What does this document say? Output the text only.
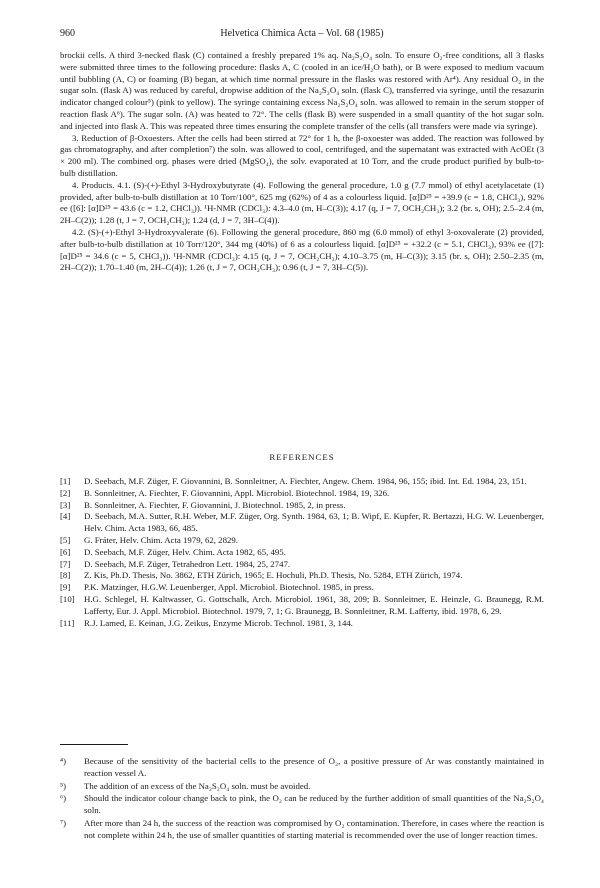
960	Helvetica Chimica Acta – Vol. 68 (1985)

brockii cells. A third 3-necked flask (C) contained a freshly prepared 1% aq. Na₂S₂O₄ soln. To ensure O₂-free conditions, all 3 flasks were submitted three times to the following procedure: flasks A, C (cooled in an ice/H₂O bath), or B were exposed to medium vacuum until bubbling (A, C) or foaming (B) began, at which time normal pressure in the flasks was restored with Ar⁴). Any residual O₂ in the sugar soln. (flask A) was reduced by careful, dropwise addition of the Na₂S₂O₄ soln. (flask C), transferred via syringe, until the resazurin indicator changed colour⁵) (pink to yellow). The syringe containing excess Na₂S₂O₄ soln. was allowed to remain in the serum stopper of reaction flask A⁶). The sugar soln. (A) was heated to 72°. The cells (flask B) were suspended in a small quantity of the hot sugar soln. and injected into flask A. This was repeated three times ensuring the complete transfer of the cells (all transfers were made via syringe).

3. Reduction of β-Oxoesters. After the cells had been stirred at 72° for 1 h, the β-oxoester was added. The reaction was followed by gas chromatography, and after completion⁷) the soln. was allowed to cool, centrifuged, and the supernatant was extracted with AcOEt (3 × 200 ml). The combined org. phases were dried (MgSO₄), the solv. evaporated at 10 Torr, and the crude product purified by bulb-to-bulb distillation.

4. Products. 4.1. (S)-(+)-Ethyl 3-Hydroxybutyrate (4). Following the general procedure, 1.0 g (7.7 mmol) of ethyl acetylacetate (1) provided, after bulb-to-bulb distillation at 10 Torr/100°, 625 mg (62%) of 4 as a colourless liquid. [α]D²⁵ = +39.9 (c = 1.8, CHCl₃), 92% ee ([6]: [α]D²⁵ = 43.6 (c = 1.2, CHCl₃)). ¹H-NMR (CDCl₃): 4.3–4.0 (m, H–C(3)); 4.17 (q, J = 7, OCH₂CH₃); 3.2 (br. s, OH); 2.5–2.4 (m, 2H–C(2)); 1.28 (t, J = 7, OCH₂CH₃); 1.24 (d, J = 7, 3H–C(4)).

4.2. (S)-(+)-Ethyl 3-Hydroxyvalerate (6). Following the general procedure, 860 mg (6.0 mmol) of ethyl 3-oxovalerate (2) provided, after bulb-to-bulb distillation at 10 Torr/120°, 344 mg (40%) of 6 as a colourless liquid. [α]D²⁵ = +32.2 (c = 5.1, CHCl₃), 93% ee ([7]: [α]D²⁵ = 34.6 (c = 5, CHCl₃)). ¹H-NMR (CDCl₃): 4.15 (q, J = 7, OCH₂CH₃); 4.10–3.75 (m, H–C(3)); 3.15 (br. s, OH); 2.50–2.35 (m, 2H–C(2)); 1.70–1.40 (m, 2H–C(4)); 1.26 (t, J = 7, OCH₂CH₃); 0.96 (t, J = 7, 3H–C(5)).

REFERENCES
[1]	D. Seebach, M.F. Züger, F. Giovannini, B. Sonnleitner, A. Fiechter, Angew. Chem. 1984, 96, 155; ibid. Int. Ed. 1984, 23, 151.
[2]	B. Sonnleitner, A. Fiechter, F. Giovannini, Appl. Microbiol. Biotechnol. 1984, 19, 326.
[3]	B. Sonnleitner, A. Fiechter, F. Giovannini, J. Biotechnol. 1985, 2, in press.
[4]	D. Seebach, M.A. Sutter, R.H. Weber, M.F. Züger, Org. Synth. 1984, 63, 1; B. Wipf, E. Kupfer, R. Bertazzi, H.G. W. Leuenberger, Helv. Chim. Acta 1983, 66, 485.
[5]	G. Fráter, Helv. Chim. Acta 1979, 62, 2829.
[6]	D. Seebach, M.F. Züger, Helv. Chim. Acta 1982, 65, 495.
[7]	D. Seebach, M.F. Züger, Tetrahedron Lett. 1984, 25, 2747.
[8]	Z. Kis, Ph.D. Thesis, No. 3862, ETH Zürich, 1965; E. Hochuli, Ph.D. Thesis, No. 5284, ETH Zürich, 1974.
[9]	P.K. Matzinger, H.G.W. Leuenberger, Appl. Microbiol. Biotechnol. 1985, in press.
[10]	H.G. Schlegel, H. Kaltwasser, G. Gottschalk, Arch. Microbiol. 1961, 38, 209; B. Sonnleitner, E. Heinzle, G. Braunegg, R.M. Lafferty, Eur. J. Appl. Microbiol. Biotechnol. 1979, 7, 1; G. Braunegg, B. Sonnleitner, R.M. Lafferty, ibid. 1978, 6, 29.
[11]	R.J. Lamed, E. Keinan, J.G. Zeikus, Enzyme Microb. Technol. 1981, 3, 144.
⁴)	Because of the sensitivity of the bacterial cells to the presence of O₂, a positive pressure of Ar was constantly maintained in reaction vessel A.
⁵)	The addition of an excess of the Na₂S₂O₄ soln. must be avoided.
⁶)	Should the indicator colour change back to pink, the O₂ can be reduced by the further addition of small quantities of the Na₂S₂O₄ soln.
⁷)	After more than 24 h, the success of the reaction was compromised by O₂ contamination. Therefore, in cases where the reaction is not complete within 24 h, the use of smaller quantities of starting material is recommended over the use of longer reaction times.
